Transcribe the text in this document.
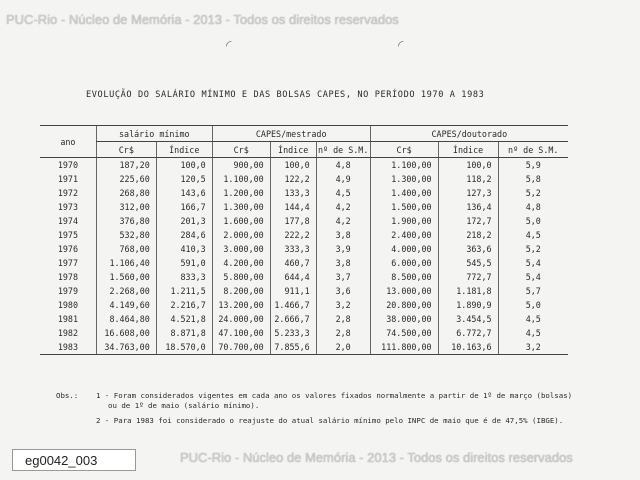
PUC-Rio - Núcleo de Memória - 2013 - Todos os direitos reservados
◜	◜
EVOLUÇÃO DO SALÁRIO MÍNIMO E DAS BOLSAS CAPES, NO PERÍODO 1970 A 1983
ano	salário mínimo		CAPES/mestrado			CAPES/doutorado		
	Cr$	Índice	Cr$	Índice	nº de S.M.	Cr$	Índice	nº de S.M.
1970	187,20	100,0	900,00	100,0	4,8	1.100,00	100,0	5,9
1971	225,60	120,5	1.100,00	122,2	4,9	1.300,00	118,2	5,8
1972	268,80	143,6	1.200,00	133,3	4,5	1.400,00	127,3	5,2
1973	312,00	166,7	1.300,00	144,4	4,2	1.500,00	136,4	4,8
1974	376,80	201,3	1.600,00	177,8	4,2	1.900,00	172,7	5,0
1975	532,80	284,6	2.000,00	222,2	3,8	2.400,00	218,2	4,5
1976	768,00	410,3	3.000,00	333,3	3,9	4.000,00	363,6	5,2
1977	1.106,40	591,0	4.200,00	460,7	3,8	6.000,00	545,5	5,4
1978	1.560,00	833,3	5.800,00	644,4	3,7	8.500,00	772,7	5,4
1979	2.268,00	1.211,5	8.200,00	911,1	3,6	13.000,00	1.181,8	5,7
1980	4.149,60	2.216,7	13.200,00	1.466,7	3,2	20.800,00	1.890,9	5,0
1981	8.464,80	4.521,8	24.000,00	2.666,7	2,8	38.000,00	3.454,5	4,5
1982	16.608,00	8.871,8	47.100,00	5.233,3	2,8	74.500,00	6.772,7	4,5
1983	34.763,00	18.570,0	70.700,00	7.855,6	2,0	111.800,00	10.163,6	3,2
Obs.:	1 - Foram considerados vigentes em cada ano os valores fixados normalmente a partir de 1º de março (bolsas)
ou de 1º de maio (salário mínimo).
2 - Para 1983 foi considerado o reajuste do atual salário mínimo pelo INPC de maio que é de 47,5% (IBGE).
PUC-Rio - Núcleo de Memória - 2013 - Todos os direitos reservados
eg0042_003
